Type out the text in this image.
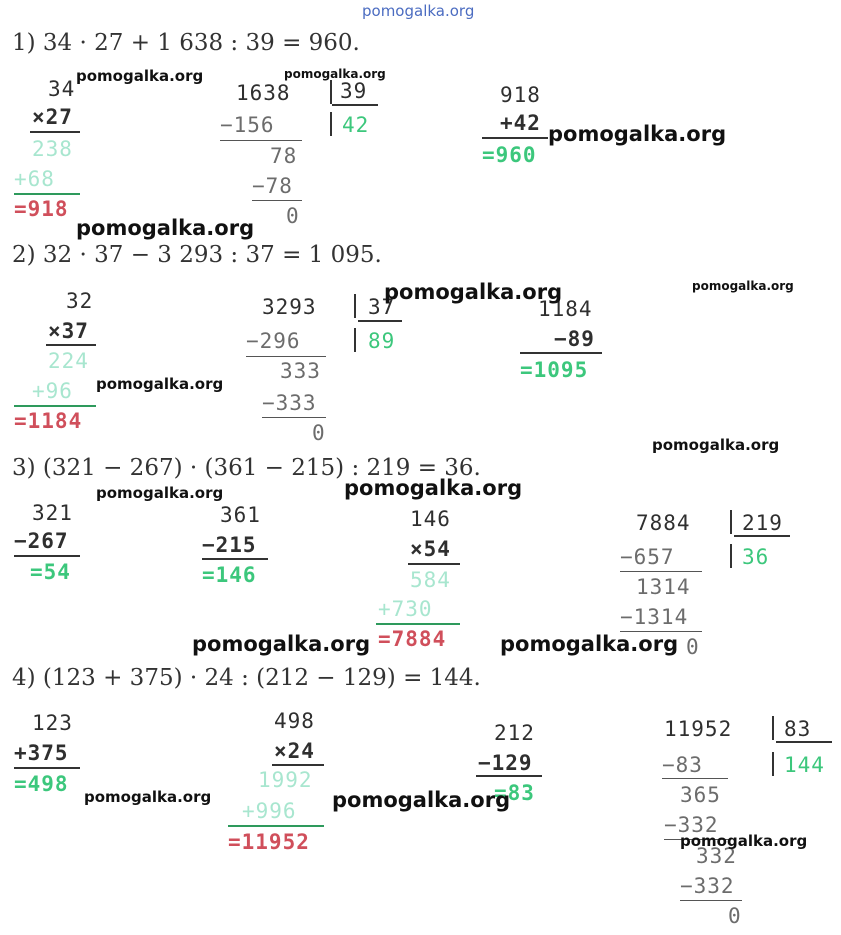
pomogalka.org
1) 34 · 27 + 1 638 : 39 = 960.
34
×27
238
+68
=918
1638 39
42
−156
78
−78
0
918
+42
=960
2) 32 · 37 − 3 293 : 37 = 1 095.
32
×37
224
+96
=1184
3293 37
89
−296
333
−333
0
1184
−89
=1095
3) (321 − 267) · (361 − 215) : 219 = 36.
321
−267
=54
361
−215
=146
146
×54
584
+730
=7884
7884 219
36
−657
1314
−1314
0
4) (123 + 375) · 24 : (212 − 129) = 144.
123
+375
=498
498
×24
1992
+996
=11952
212
−129
=83
11952 83
144
−83
365
−332
332
−332
0
pomogalka.org	pomogalka.org
pomogalka.org
pomogalka.org
pomogalka.org	pomogalka.org
pomogalka.org
pomogalka.org
pomogalka.org	pomogalka.org
pomogalka.org	pomogalka.org
pomogalka.org	pomogalka.org
pomogalka.org
